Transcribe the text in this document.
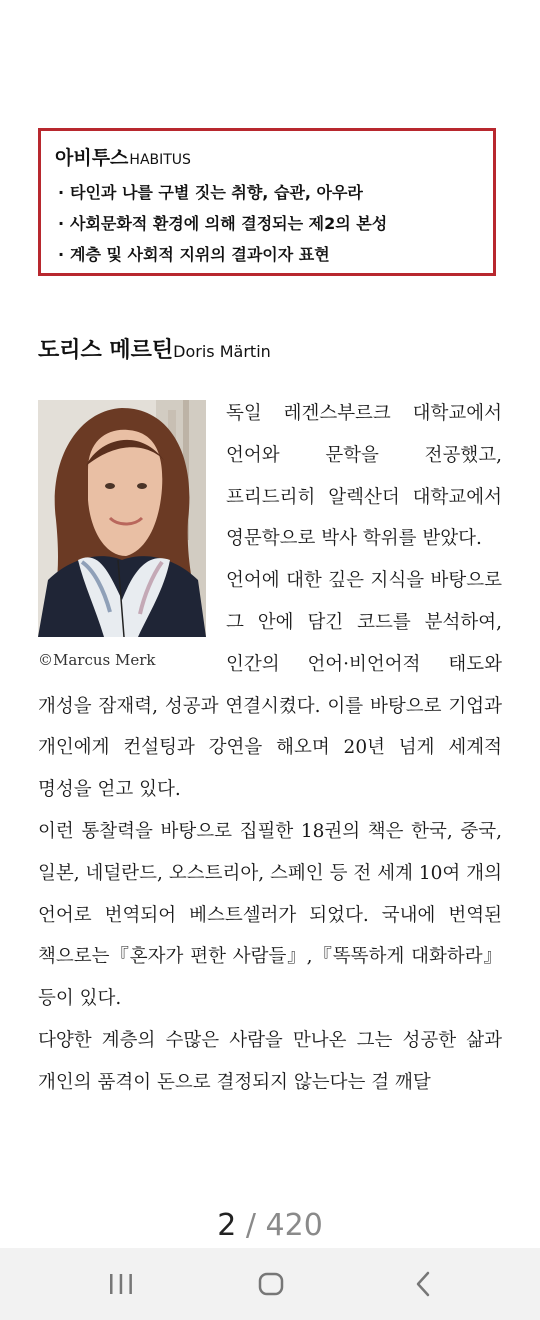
아비투스HABITUS
· 타인과 나를 구별 짓는 취향, 습관, 아우라
· 사회문화적 환경에 의해 결정되는 제2의 본성
· 계층 및 사회적 지위의 결과이자 표현
도리스 메르틴Doris Märtin
©Marcus Merk

독일 레겐스부르크 대학교에서 언어와 문학을 전공했고, 프리드리히 알렉산더 대학교에서 영문학으로 박사 학위를 받았다.

언어에 대한 깊은 지식을 바탕으로 그 안에 담긴 코드를 분석하여, 인간의 언어·비언어적 태도와 개성을 잠재력, 성공과 연결시켰다. 이를 바탕으로 기업과 개인에게 컨설팅과 강연을 해오며 20년 넘게 세계적 명성을 얻고 있다.

이런 통찰력을 바탕으로 집필한 18권의 책은 한국, 중국, 일본, 네덜란드, 오스트리아, 스페인 등 전 세계 10여 개의 언어로 번역되어 베스트셀러가 되었다. 국내에 번역된 책으로는『혼자가 편한 사람들』,『똑똑하게 대화하라』 등이 있다.

다양한 계층의 수많은 사람을 만나온 그는 성공한 삶과 개인의 품격이 돈으로 결정되지 않는다는 걸 깨달

2 / 420
